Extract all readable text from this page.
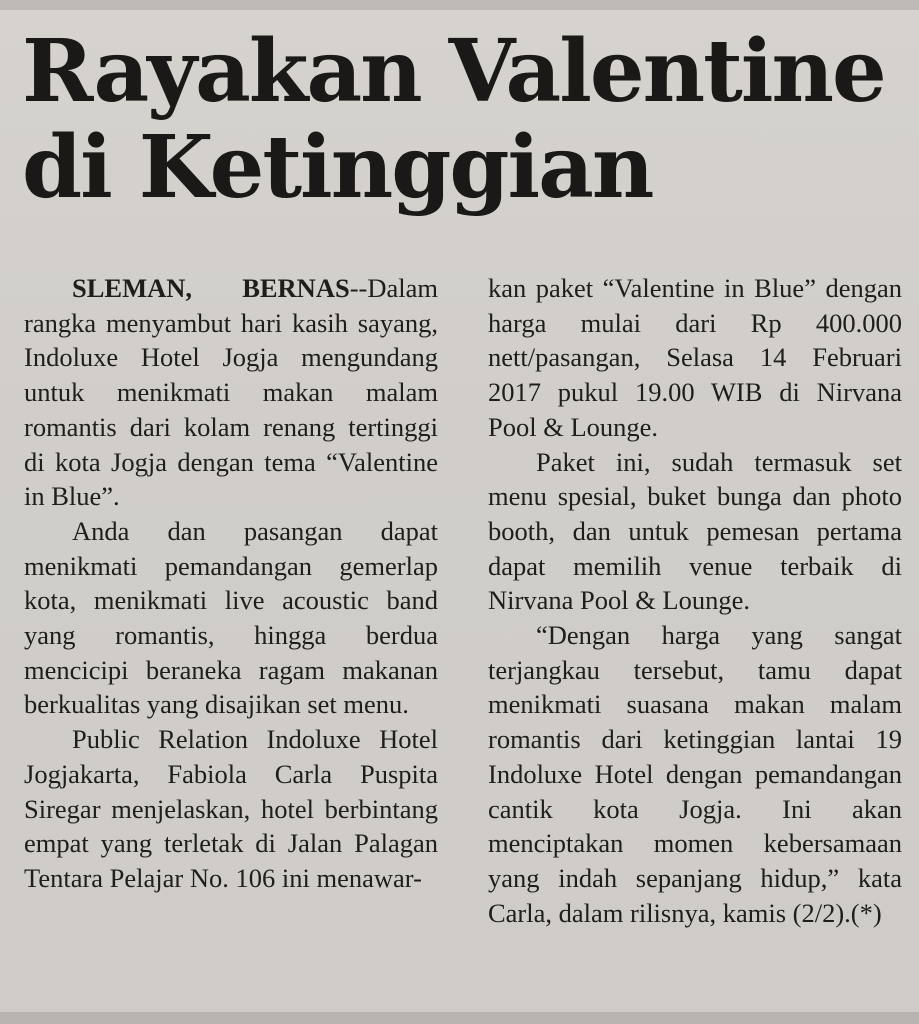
Rayakan Valentine
di Ketinggian

SLEMAN, BERNAS--Dalam rangka menyambut hari kasih sayang, Indoluxe Hotel Jogja mengundang untuk menikmati makan malam romantis dari kolam renang tertinggi di kota Jogja dengan tema “Valentine in Blue”.

Anda dan pasangan dapat menikmati pemandangan gemerlap kota, menikmati live acoustic band yang romantis, hingga berdua mencicipi beraneka ragam makanan berkualitas yang disajikan set menu.

Public Relation Indoluxe Hotel Jogjakarta, Fabiola Carla Puspita Siregar menjelaskan, hotel berbintang empat yang terletak di Jalan Palagan Tentara Pelajar No. 106 ini menawar-

kan paket “Valentine in Blue” dengan harga mulai dari Rp 400.000 nett/pasangan, Selasa 14 Februari 2017 pukul 19.00 WIB di Nirvana Pool & Lounge.

Paket ini, sudah termasuk set menu spesial, buket bunga dan photo booth, dan untuk pemesan pertama dapat memilih venue terbaik di Nirvana Pool & Lounge.

“Dengan harga yang sangat terjangkau tersebut, tamu dapat menikmati suasana makan malam romantis dari ketinggian lantai 19 Indoluxe Hotel dengan pemandangan cantik kota Jogja. Ini akan menciptakan momen kebersamaan yang indah sepanjang hidup,” kata Carla, dalam rilisnya, kamis (2/2).(*)
